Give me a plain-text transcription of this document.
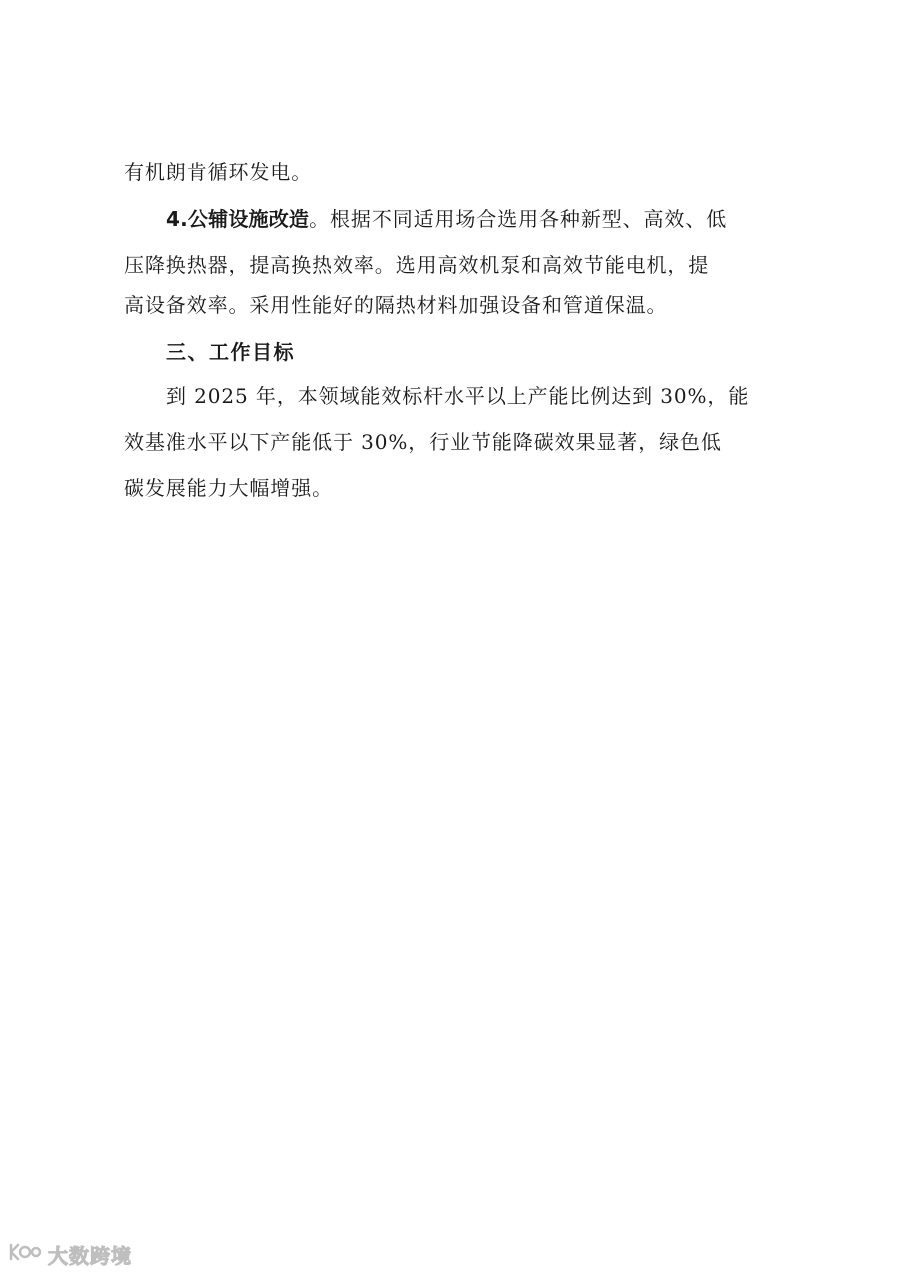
有机朗肯循环发电。
4.公辅设施改造。根据不同适用场合选用各种新型、高效、低
压降换热器，提高换热效率。选用高效机泵和高效节能电机，提
高设备效率。采用性能好的隔热材料加强设备和管道保温。
三、工作目标
到 2025 年，本领域能效标杆水平以上产能比例达到 30%，能
效基准水平以下产能低于 30%，行业节能降碳效果显著，绿色低
碳发展能力大幅增强。
大数跨境
